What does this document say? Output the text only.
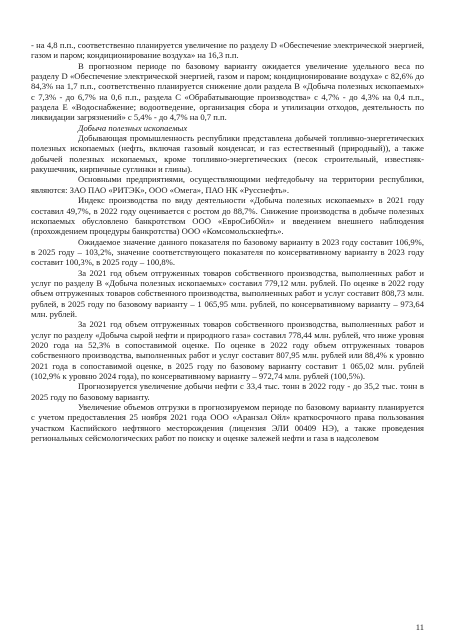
- на 4,8 п.п., соответственно планируется увеличение по разделу D «Обеспечение электрической энергией, газом и паром; кондиционирование воздуха» на 16,3 п.п.

В прогнозном периоде по базовому варианту ожидается увеличение удельного веса по разделу D «Обеспечение электрической энергией, газом и паром; кондиционирование воздуха» с 82,6% до 84,3% на 1,7 п.п., соответственно планируется снижение доли раздела В «Добыча полезных ископаемых» с 7,3% - до 6,7% на 0,6 п.п., раздела С «Обрабатывающие производства» с 4,7% - до 4,3% на 0,4 п.п., раздела Е «Водоснабжение; водоотведение, организация сбора и утилизации отходов, деятельность по ликвидации загрязнений» с 5,4% - до 4,7% на 0,7 п.п.

Добыча полезных ископаемых

Добывающая промышленность республики представлена добычей топливно-энергетических полезных ископаемых (нефть, включая газовый конденсат, и газ естественный (природный)), а также добычей полезных ископаемых, кроме топливно-энергетических (песок строительный, известняк-ракушечник, кирпичные суглинки и глины).

Основными предприятиями, осуществляющими нефтедобычу на территории республики, являются: ЗАО ПАО «РИТЭК», ООО «Омега», ПАО НК «Русснефть».

Индекс производства по виду деятельности «Добыча полезных ископаемых» в 2021 году составил 49,7%, в 2022 году оценивается с ростом до 88,7%. Снижение производства в добыче полезных ископаемых обусловлено банкротством ООО «ЕвроСибОйл» и введением внешнего наблюдения (прохождением процедуры банкротства) ООО «Комсомольскнефть».

Ожидаемое значение данного показателя по базовому варианту в 2023 году составит 106,9%, в 2025 году – 103,2%, значение соответствующего показателя по консервативному варианту в 2023 году составит 100,3%, в 2025 году – 100,8%.

За 2021 год объем отгруженных товаров собственного производства, выполненных работ и услуг по разделу В «Добыча полезных ископаемых» составил 779,12 млн. рублей. По оценке в 2022 году объем отгруженных товаров собственного производства, выполненных работ и услуг составит 808,73 млн. рублей, в 2025 году по базовому варианту – 1 065,95 млн. рублей, по консервативному варианту – 973,64 млн. рублей.

За 2021 год объем отгруженных товаров собственного производства, выполненных работ и услуг по разделу «Добыча сырой нефти и природного газа» составил 778,44 млн. рублей, что ниже уровня 2020 года на 52,3% в сопоставимой оценке. По оценке в 2022 году объем отгруженных товаров собственного производства, выполненных работ и услуг составит 807,95 млн. рублей или 88,4% к уровню 2021 года в сопоставимой оценке, в 2025 году по базовому варианту составит 1 065,02 млн. рублей (102,9% к уровню 2024 года), по консервативному варианту – 972,74 млн. рублей (100,5%).

Прогнозируется увеличение добычи нефти с 33,4 тыс. тонн в 2022 году - до 35,2 тыс. тонн в 2025 году по базовому варианту.

Увеличение объемов отгрузки в прогнозируемом периоде по базовому варианту планируется с учетом предоставления 25 ноября 2021 года ООО «Аранзал Ойл» краткосрочного права пользования участком Каспийского нефтяного месторождения (лицензия ЭЛИ 00409 НЭ), а также проведения региональных сейсмологических работ по поиску и оценке залежей нефти и газа в надсолевом

11
